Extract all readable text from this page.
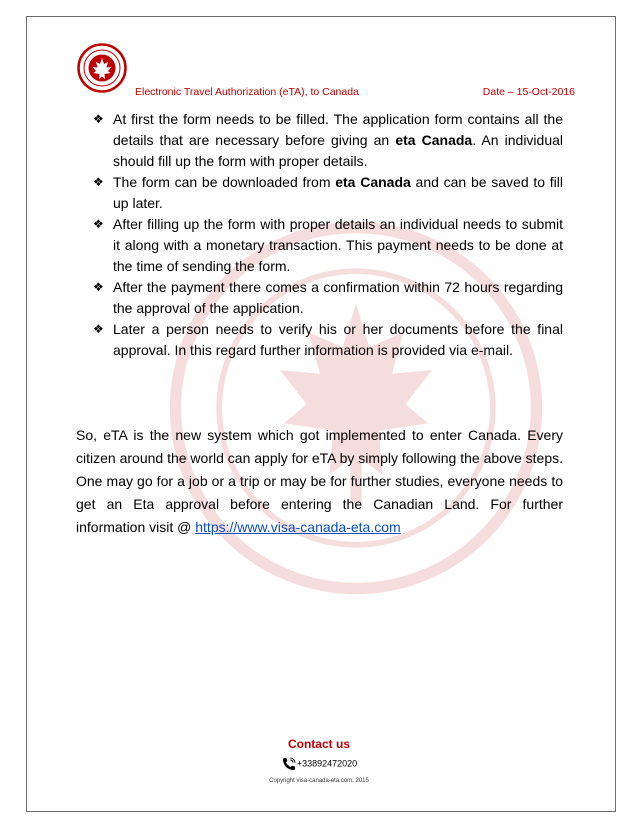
Electronic Travel Authorization (eTA), to Canada	Date – 15-Oct-2016
❖ At first the form needs to be filled. The application form contains all the details that are necessary before giving an eta Canada. An individual should fill up the form with proper details.
❖ The form can be downloaded from eta Canada and can be saved to fill up later.
❖ After filling up the form with proper details an individual needs to submit it along with a monetary transaction. This payment needs to be done at the time of sending the form.
❖ After the payment there comes a confirmation within 72 hours regarding the approval of the application.
❖ Later a person needs to verify his or her documents before the final approval. In this regard further information is provided via e-mail.

So, eTA is the new system which got implemented to enter Canada. Every citizen around the world can apply for eTA by simply following the above steps. One may go for a job or a trip or may be for further studies, everyone needs to get an Eta approval before entering the Canadian Land. For further information visit @ https://www.visa-canada-eta.com

Contact us
+33892472020
Copyright visa-canada-eta.com, 2015
